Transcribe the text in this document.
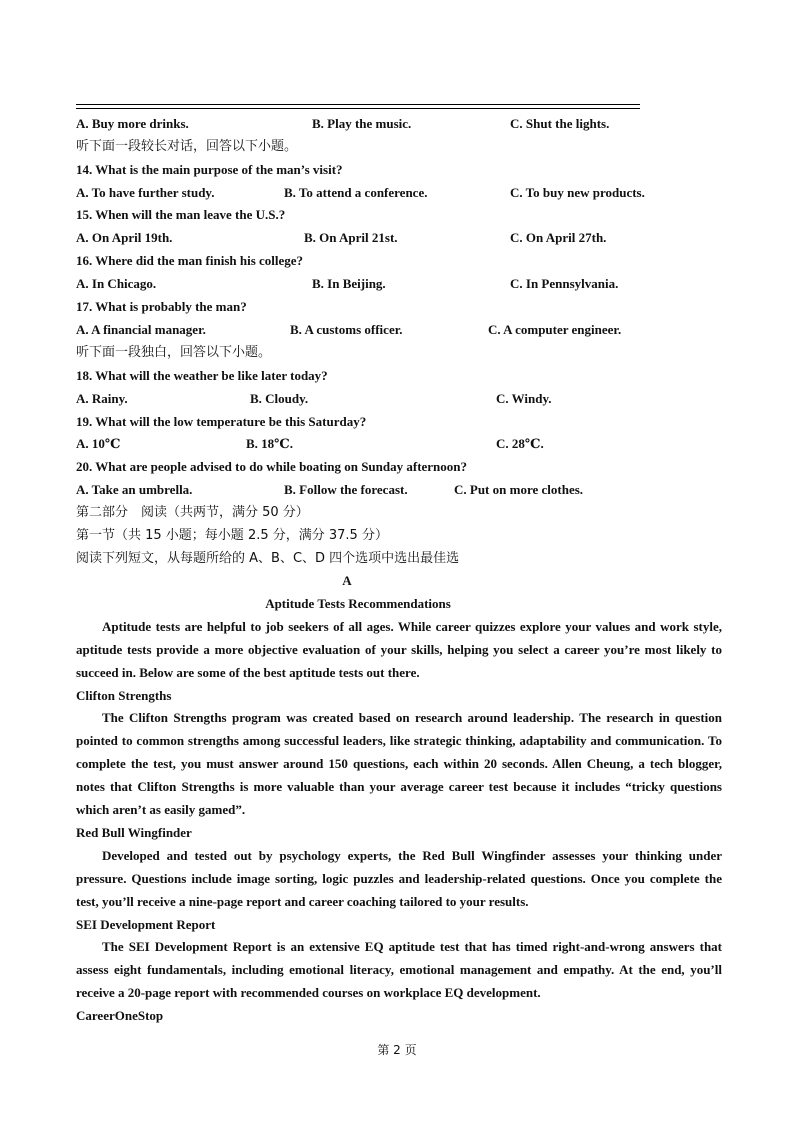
A. Buy more drinks.	B. Play the music.	C. Shut the lights.
听下面一段较长对话，回答以下小题。
14. What is the main purpose of the man’s visit?
A. To have further study.	B. To attend a conference.	C. To buy new products.
15. When will the man leave the U.S.?
A. On April 19th.	B. On April 21st.	C. On April 27th.
16. Where did the man finish his college?
A. In Chicago.	B. In Beijing.	C. In Pennsylvania.
17. What is probably the man?
A. A financial manager.	B. A customs officer.	C. A computer engineer.
听下面一段独白，回答以下小题。
18. What will the weather be like later today?
A. Rainy.	B. Cloudy.	C. Windy.
19. What will the low temperature be this Saturday?
A. 10℃	B. 18℃.	C. 28℃.
20. What are people advised to do while boating on Sunday afternoon?
A. Take an umbrella.	B. Follow the forecast.	C. Put on more clothes.
第二部分　阅读（共两节，满分 50 分）
第一节（共 15 小题；每小题 2.5 分，满分 37.5 分）
阅读下列短文，从每题所给的 A、B、C、D 四个选项中选出最佳选
A
Aptitude Tests Recommendations

Aptitude tests are helpful to job seekers of all ages. While career quizzes explore your values and work style, aptitude tests provide a more objective evaluation of your skills, helping you select a career you’re most likely to succeed in. Below are some of the best aptitude tests out there.

Clifton Strengths

The Clifton Strengths program was created based on research around leadership. The research in question pointed to common strengths among successful leaders, like strategic thinking, adaptability and communication. To complete the test, you must answer around 150 questions, each within 20 seconds. Allen Cheung, a tech blogger, notes that Clifton Strengths is more valuable than your average career test because it includes “tricky questions which aren’t as easily gamed”.

Red Bull Wingfinder

Developed and tested out by psychology experts, the Red Bull Wingfinder assesses your thinking under pressure. Questions include image sorting, logic puzzles and leadership-related questions. Once you complete the test, you’ll receive a nine-page report and career coaching tailored to your results.

SEI Development Report

The SEI Development Report is an extensive EQ aptitude test that has timed right-and-wrong answers that assess eight fundamentals, including emotional literacy, emotional management and empathy. At the end, you’ll receive a 20-page report with recommended courses on workplace EQ development.

CareerOneStop
第 2 页
